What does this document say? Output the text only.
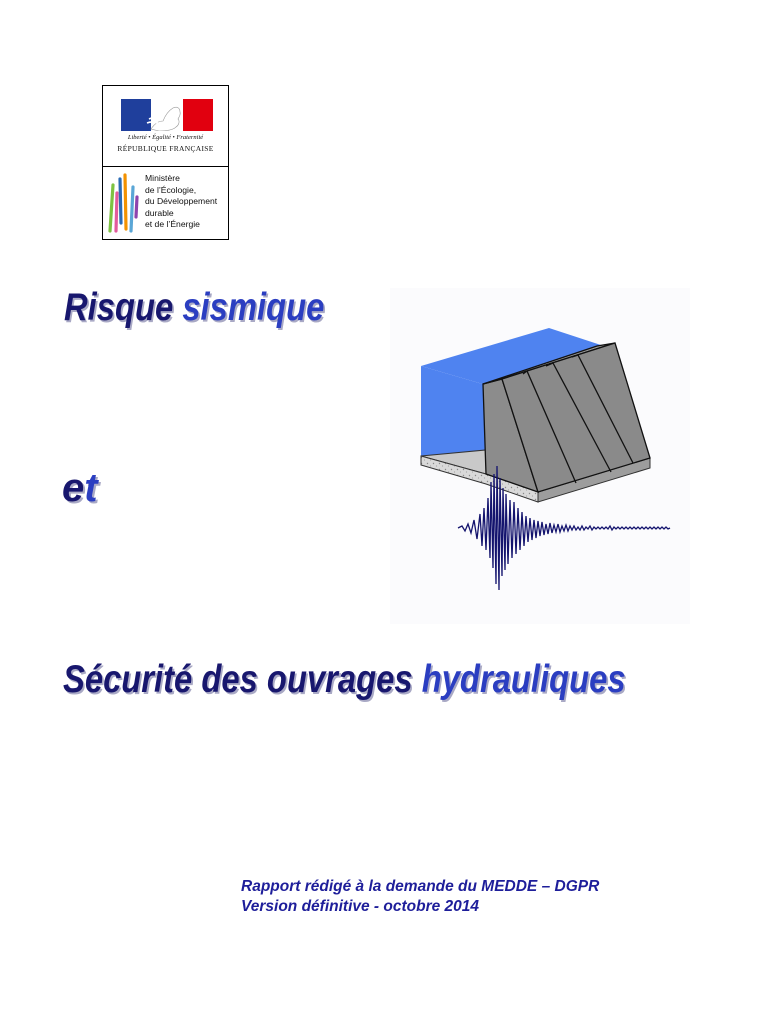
Liberté • Égalité • Fraternité
RÉPUBLIQUE FRANÇAISE
Ministère
de l’Écologie,
du Développement
durable
et de l’Énergie
Risque sismique
et
Sécurité des ouvrages hydrauliques
Rapport rédigé à la demande du MEDDE – DGPR
Version définitive - octobre 2014
